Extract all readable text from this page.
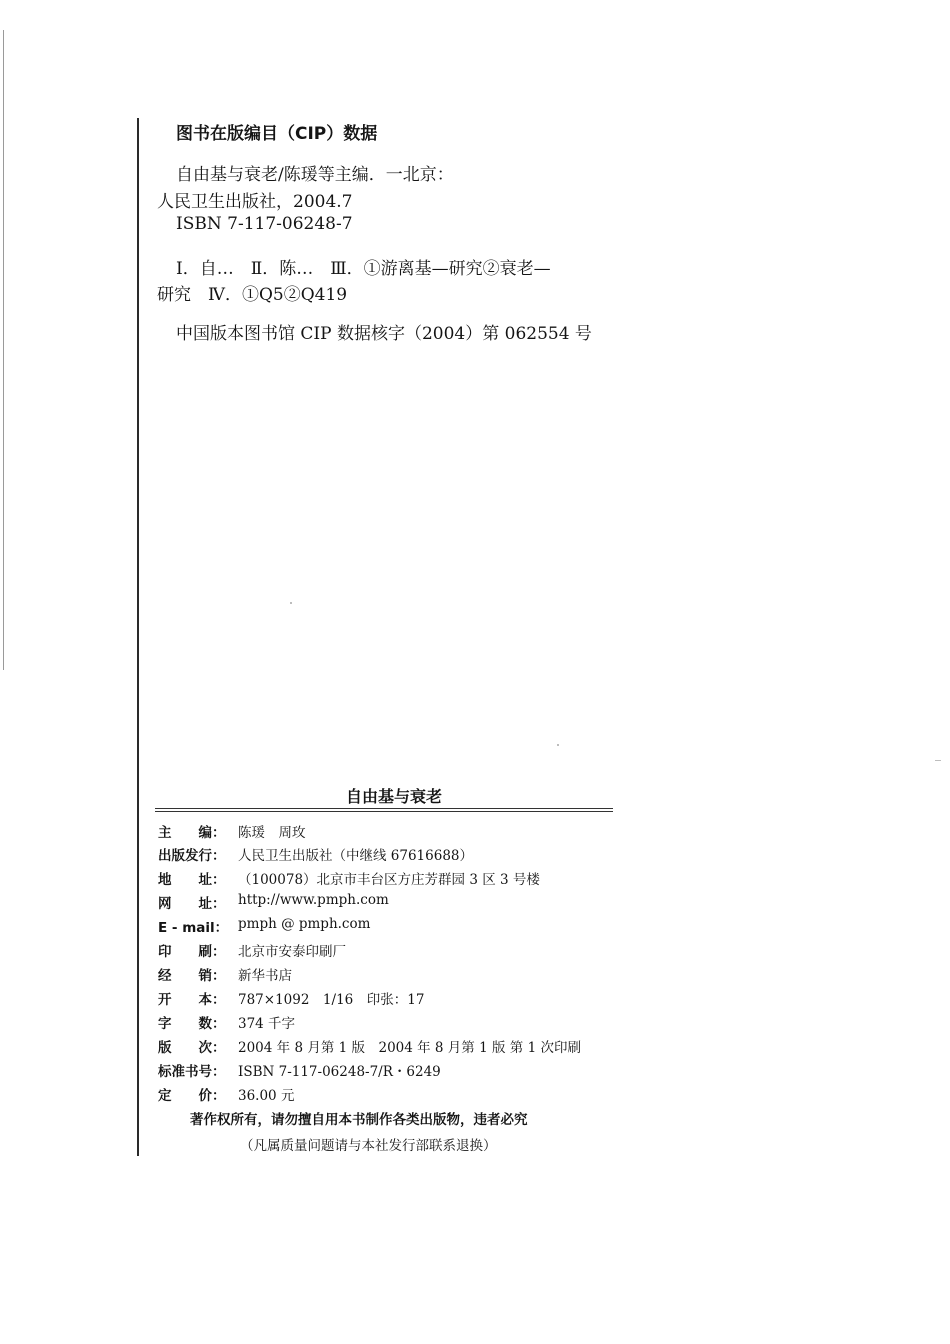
图书在版编目（CIP）数据
自由基与衰老/陈瑗等主编．一北京：
人民卫生出版社，2004.7
ISBN 7-117-06248-7
Ⅰ．自…　Ⅱ．陈…　Ⅲ．①游离基—研究②衰老—
研究　Ⅳ．①Q5②Q419
中国版本图书馆 CIP 数据核字（2004）第 062554 号
自由基与衰老
主　　编： 陈瑗　周玫
出版发行： 人民卫生出版社（中继线 67616688）
地　　址： （100078）北京市丰台区方庄芳群园 3 区 3 号楼
网　　址： http://www.pmph.com
E - mail： pmph @ pmph.com
印　　刷： 北京市安泰印刷厂
经　　销： 新华书店
开　　本： 787×1092　1/16　印张：17
字　　数： 374 千字
版　　次： 2004 年 8 月第 1 版　2004 年 8 月第 1 版 第 1 次印刷
标准书号： ISBN 7-117-06248-7/R・6249
定　　价： 36.00 元
著作权所有，请勿擅自用本书制作各类出版物，违者必究
（凡属质量问题请与本社发行部联系退换）
